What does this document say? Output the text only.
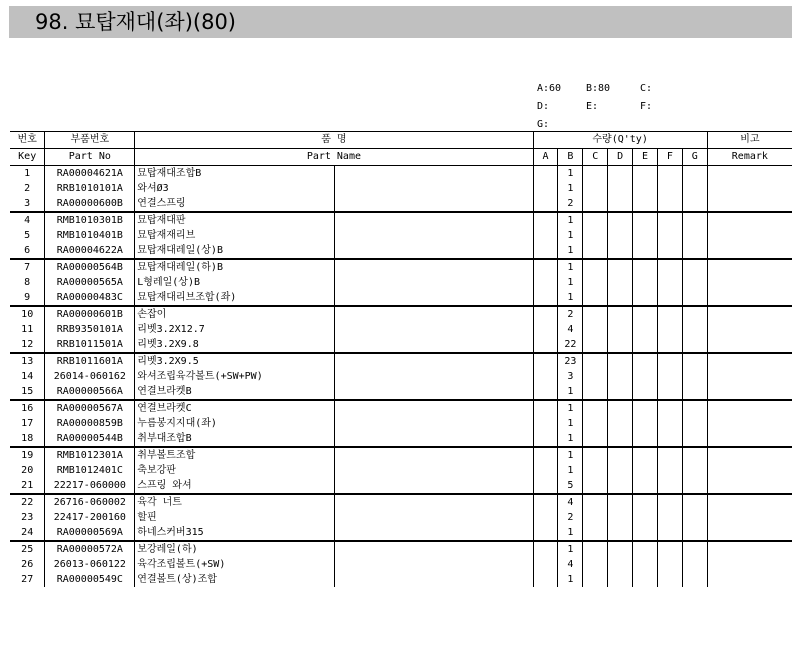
98. 묘탑재대(좌)(80)
A:60 B:80	C:
D:	E:	F:
G:
번호	부품번호	품 명		수량(Q'ty)							비고
Key	Part No	Part Name		A	B	C	D	E	F	G	Remark
1	RA00004621A	묘탑재대조합B			1						
2	RRB1010101A	와셔Ø3			1						
3	RA00000600B	연결스프링			2						
4	RMB1010301B	묘탑재대판			1						
5	RMB1010401B	묘탑재재리브			1						
6	RA00004622A	묘탑재대레일(상)B			1						
7	RA00000564B	묘탑재대레일(하)B			1						
8	RA00000565A	L형레일(상)B			1						
9	RA00000483C	묘탑재대리브조합(좌)			1						
10	RA00000601B	손잡이			2						
11	RRB9350101A	리벳3.2X12.7			4						
12	RRB1011501A	리벳3.2X9.8			22						
13	RRB1011601A	리벳3.2X9.5			23						
14	26014-060162	와셔조립육각볼트(+SW+PW)			3						
15	RA00000566A	연결브라켓B			1						
16	RA00000567A	연결브라켓C			1						
17	RA00000859B	누름봉지지대(좌)			1						
18	RA00000544B	취부대조합B			1						
19	RMB1012301A	취부볼트조합			1						
20	RMB1012401C	축보강판			1						
21	22217-060000	스프링 와셔			5						
22	26716-060002	육각 너트			4						
23	22417-200160	할핀			2						
24	RA00000569A	하네스커버315			1						
25	RA00000572A	보강레일(하)			1						
26	26013-060122	육각조립볼트(+SW)			4						
27	RA00000549C	연결볼트(상)조합			1						
